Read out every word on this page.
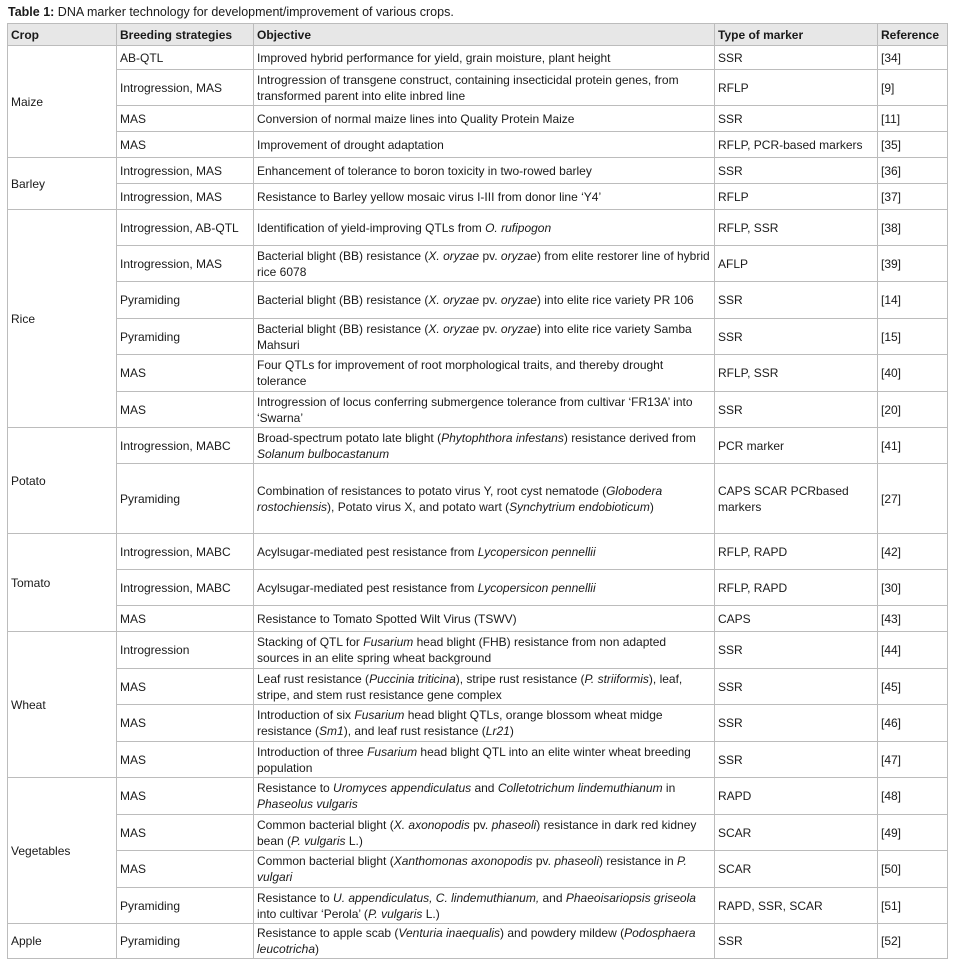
Table 1: DNA marker technology for development/improvement of various crops.
Crop	Breeding strategies	Objective	Type of marker	Reference
Maize	AB-QTL	Improved hybrid performance for yield, grain moisture, plant height	SSR	[34]
	Introgression, MAS	Introgression of transgene construct, containing insecticidal protein genes, from transformed parent into elite inbred line	RFLP	[9]
	MAS	Conversion of normal maize lines into Quality Protein Maize	SSR	[11]
	MAS	Improvement of drought adaptation	RFLP, PCR-based markers	[35]
Barley	Introgression, MAS	Enhancement of tolerance to boron toxicity in two-rowed barley	SSR	[36]
	Introgression, MAS	Resistance to Barley yellow mosaic virus I-III from donor line ‘Y4’	RFLP	[37]
Rice	Introgression, AB-QTL	Identification of yield-improving QTLs from O. rufipogon	RFLP, SSR	[38]
	Introgression, MAS	Bacterial blight (BB) resistance (X. oryzae pv. oryzae) from elite restorer line of hybrid rice 6078	AFLP	[39]
	Pyramiding	Bacterial blight (BB) resistance (X. oryzae pv. oryzae) into elite rice variety PR 106	SSR	[14]
	Pyramiding	Bacterial blight (BB) resistance (X. oryzae pv. oryzae) into elite rice variety Samba Mahsuri	SSR	[15]
	MAS	Four QTLs for improvement of root morphological traits, and thereby drought tolerance	RFLP, SSR	[40]
	MAS	Introgression of locus conferring submergence tolerance from cultivar ‘FR13A’ into ‘Swarna’	SSR	[20]
Potato	Introgression, MABC	Broad-spectrum potato late blight (Phytophthora infestans) resistance derived from Solanum bulbocastanum	PCR marker	[41]
	Pyramiding	Combination of resistances to potato virus Y, root cyst nematode (Globodera rostochiensis), Potato virus X, and potato wart (Synchytrium endobioticum)	CAPS SCAR PCRbased markers	[27]
Tomato	Introgression, MABC	Acylsugar-mediated pest resistance from Lycopersicon pennellii	RFLP, RAPD	[42]
	Introgression, MABC	Acylsugar-mediated pest resistance from Lycopersicon pennellii	RFLP, RAPD	[30]
	MAS	Resistance to Tomato Spotted Wilt Virus (TSWV)	CAPS	[43]
Wheat	Introgression	Stacking of QTL for Fusarium head blight (FHB) resistance from non adapted sources in an elite spring wheat background	SSR	[44]
	MAS	Leaf rust resistance (Puccinia triticina), stripe rust resistance (P. striiformis), leaf, stripe, and stem rust resistance gene complex	SSR	[45]
	MAS	Introduction of six Fusarium head blight QTLs, orange blossom wheat midge resistance (Sm1), and leaf rust resistance (Lr21)	SSR	[46]
	MAS	Introduction of three Fusarium head blight QTL into an elite winter wheat breeding population	SSR	[47]
Vegetables	MAS	Resistance to Uromyces appendiculatus and Colletotrichum lindemuthianum in Phaseolus vulgaris	RAPD	[48]
	MAS	Common bacterial blight (X. axonopodis pv. phaseoli) resistance in dark red kidney bean (P. vulgaris L.)	SCAR	[49]
	MAS	Common bacterial blight (Xanthomonas axonopodis pv. phaseoli) resistance in P. vulgari	SCAR	[50]
	Pyramiding	Resistance to U. appendiculatus, C. lindemuthianum, and Phaeoisariopsis griseola into cultivar ‘Perola’ (P. vulgaris L.)	RAPD, SSR, SCAR	[51]
Apple	Pyramiding	Resistance to apple scab (Venturia inaequalis) and powdery mildew (Podosphaera leucotricha)	SSR	[52]
